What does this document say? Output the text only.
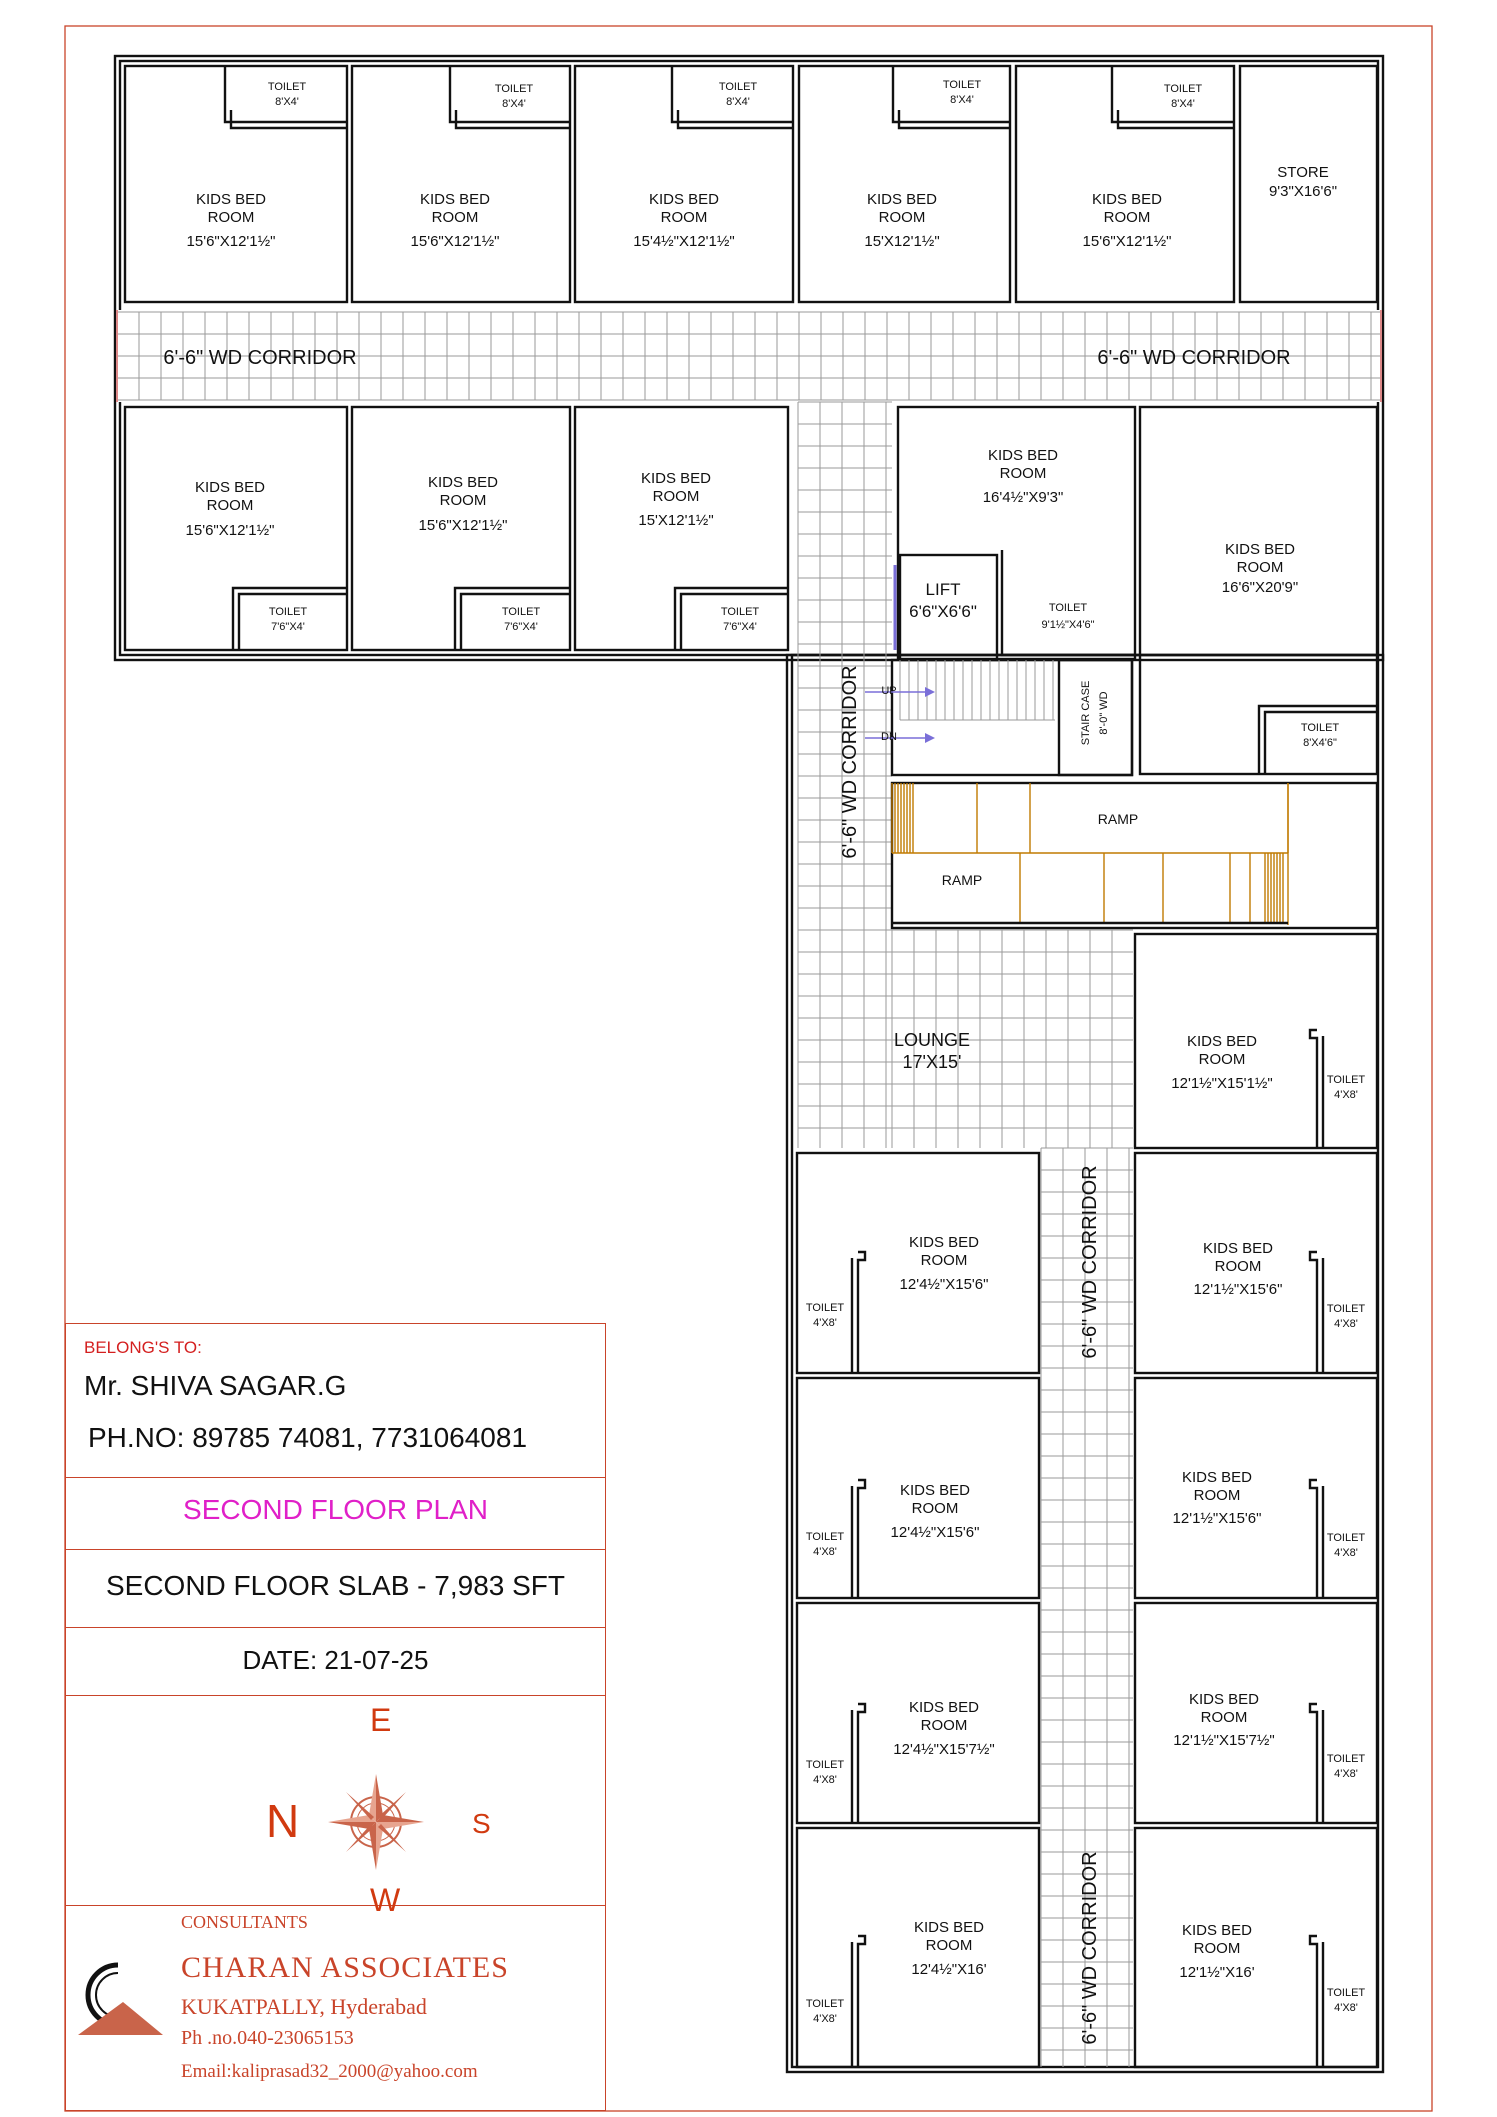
KIDS BED
ROOM
15'6"X12'1½"
KIDS BED
ROOM
15'6"X12'1½"
KIDS BED
ROOM
15'4½"X12'1½"
KIDS BED
ROOM
15'X12'1½"
KIDS BED
ROOM
15'6"X12'1½"
KIDS BED
ROOM
15'6"X12'1½"
KIDS BED
ROOM
15'6"X12'1½"
KIDS BED
ROOM
15'X12'1½"
KIDS BED
ROOM
16'4½"X9'3"
KIDS BED
ROOM
16'6"X20'9"
KIDS BED
ROOM
12'1½"X15'1½"
KIDS BED
ROOM
12'4½"X15'6"
KIDS BED
ROOM
12'1½"X15'6"
KIDS BED
ROOM
12'4½"X15'6"
KIDS BED
ROOM
12'1½"X15'6"
KIDS BED
ROOM
12'4½"X15'7½"
KIDS BED
ROOM
12'1½"X15'7½"
KIDS BED
ROOM
12'4½"X16'
KIDS BED
ROOM
12'1½"X16'
TOILET
8'X4'
TOILET
8'X4'
TOILET
8'X4'
TOILET
8'X4'
TOILET
8'X4'
TOILET
7'6"X4'
TOILET
7'6"X4'
TOILET
7'6"X4'
TOILET
9'1½"X4'6"
TOILET
8'X4'6"
TOILET
4'X8'
TOILET
4'X8'
TOILET
4'X8'
TOILET
4'X8'
TOILET
4'X8'
TOILET
4'X8'
TOILET
4'X8'
TOILET
4'X8'
TOILET
4'X8'
STORE
9'3"X16'6"
LIFT
6'6"X6'6"
LOUNGE
17'X15'
UP
DN	STAIR CASE 8'-0" WD
RAMP
RAMP
6'-6" WD CORRIDOR	6'-6" WD CORRIDOR
6'-6" WD CORRIDOR
6'-6" WD CORRIDOR
6'-6" WD CORRIDOR
BELONG'S TO:
Mr. SHIVA SAGAR.G
PH.NO: 89785 74081, 7731064081
SECOND FLOOR PLAN
SECOND FLOOR SLAB - 7,983 SFT
DATE: 21-07-25
E
N	S
W
CONSULTANTS
CHARAN ASSOCIATES
KUKATPALLY, Hyderabad
Ph .no.040-23065153
Email:kaliprasad32_2000@yahoo.com
